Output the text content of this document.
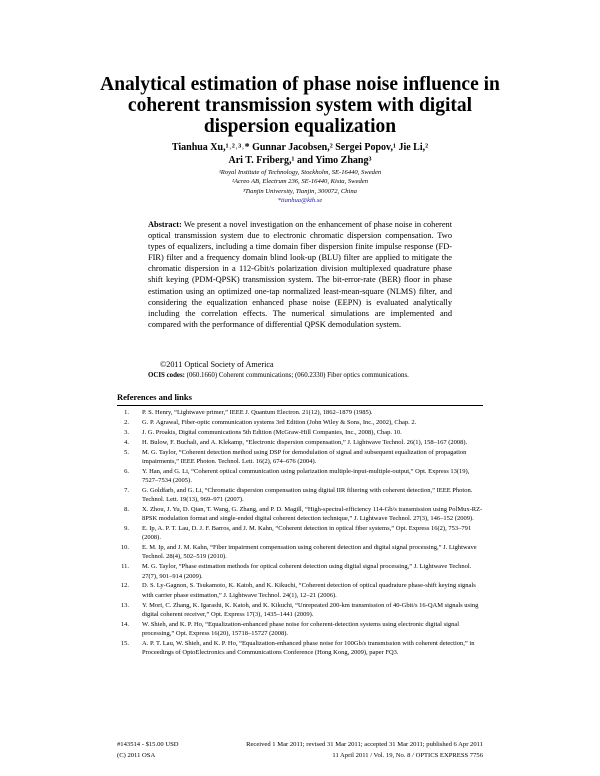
Analytical estimation of phase noise influence in coherent transmission system with digital dispersion equalization
Tianhua Xu,¹˒²˒³˒* Gunnar Jacobsen,² Sergei Popov,¹ Jie Li,²
Ari T. Friberg,¹ and Yimo Zhang³
¹Royal Institute of Technology, Stockholm, SE-16440, Sweden
²Acreo AB, Electrum 236, SE-16440, Kista, Sweden
³Tianjin University, Tianjin, 300072, China
*tianhua@kth.se
Abstract: We present a novel investigation on the enhancement of phase noise in coherent optical transmission system due to electronic chromatic dispersion compensation. Two types of equalizers, including a time domain fiber dispersion finite impulse response (FD-FIR) filter and a frequency domain blind look-up (BLU) filter are applied to mitigate the chromatic dispersion in a 112-Gbit/s polarization division multiplexed quadrature phase shift keying (PDM-QPSK) transmission system. The bit-error-rate (BER) floor in phase estimation using an optimized one-tap normalized least-mean-square (NLMS) filter, and considering the equalization enhanced phase noise (EEPN) is evaluated analytically including the correlation effects. The numerical simulations are implemented and compared with the performance of differential QPSK demodulation system.
©2011 Optical Society of America
OCIS codes: (060.1660) Coherent communications; (060.2330) Fiber optics communications.
References and links
1. P. S. Henry, “Lightwave primer,” IEEE J. Quantum Electron. 21(12), 1862–1879 (1985).
2. G. P. Agrawal, Fiber-optic communication systems 3rd Edition (John Wiley & Sons, Inc., 2002), Chap. 2.
3. J. G. Proakis, Digital communications 5th Edition (McGraw-Hill Companies, Inc., 2008), Chap. 10.
4. H. Bulow, F. Buchali, and A. Klekamp, “Electronic dispersion compensation,” J. Lightwave Technol. 26(1), 158–167 (2008).
5. M. G. Taylor, “Coherent detection method using DSP for demodulation of signal and subsequent equalization of propagation impairments,” IEEE Photon. Technol. Lett. 16(2), 674–676 (2004).
6. Y. Han, and G. Li, “Coherent optical communication using polarization multiple-input-multiple-output,” Opt. Express 13(19), 7527–7534 (2005).
7. G. Goldfarb, and G. Li, “Chromatic dispersion compensation using digital IIR filtering with coherent detection,” IEEE Photon. Technol. Lett. 19(13), 969–971 (2007).
8. X. Zhou, J. Yu, D. Qian, T. Wang, G. Zhang, and P. D. Magill, “High-spectral-efficiency 114-Gb/s transmission using PolMux-RZ-8PSK modulation format and single-ended digital coherent detection technique,” J. Lightwave Technol. 27(3), 146–152 (2009).
9. E. Ip, A. P. T. Lau, D. J. F. Barros, and J. M. Kahn, “Coherent detection in optical fiber systems,” Opt. Express 16(2), 753–791 (2008).
10. E. M. Ip, and J. M. Kahn, “Fiber impairment compensation using coherent detection and digital signal processing,” J. Lightwave Technol. 28(4), 502–519 (2010).
11. M. G. Taylor, “Phase estimation methods for optical coherent detection using digital signal processing,” J. Lightwave Technol. 27(7), 901–914 (2009).
12. D. S. Ly-Gagnon, S. Tsukamoto, K. Katoh, and K. Kikuchi, “Coherent detection of optical quadrature phase-shift keying signals with carrier phase estimation,” J. Lightwave Technol. 24(1), 12–21 (2006).
13. Y. Mori, C. Zhang, K. Igarashi, K. Katoh, and K. Kikuchi, “Unrepeated 200-km transmission of 40-Gbit/s 16-QAM signals using digital coherent receiver,” Opt. Express 17(3), 1435–1441 (2009).
14. W. Shieh, and K. P. Ho, “Equalization-enhanced phase noise for coherent-detection systems using electronic digital signal processing,” Opt. Express 16(20), 15718–15727 (2008).
15. A. P. T. Lau, W. Shieh, and K. P. Ho, “Equalization-enhanced phase noise for 100Gb/s transmission with coherent detection,” in Proceedings of OptoElectronics and Communications Conference (Hong Kong, 2009), paper FQ3.
#143514 - $15.00 USD	Received 1 Mar 2011; revised 31 Mar 2011; accepted 31 Mar 2011; published 6 Apr 2011
(C) 2011 OSA	11 April 2011 / Vol. 19, No. 8 / OPTICS EXPRESS 7756
